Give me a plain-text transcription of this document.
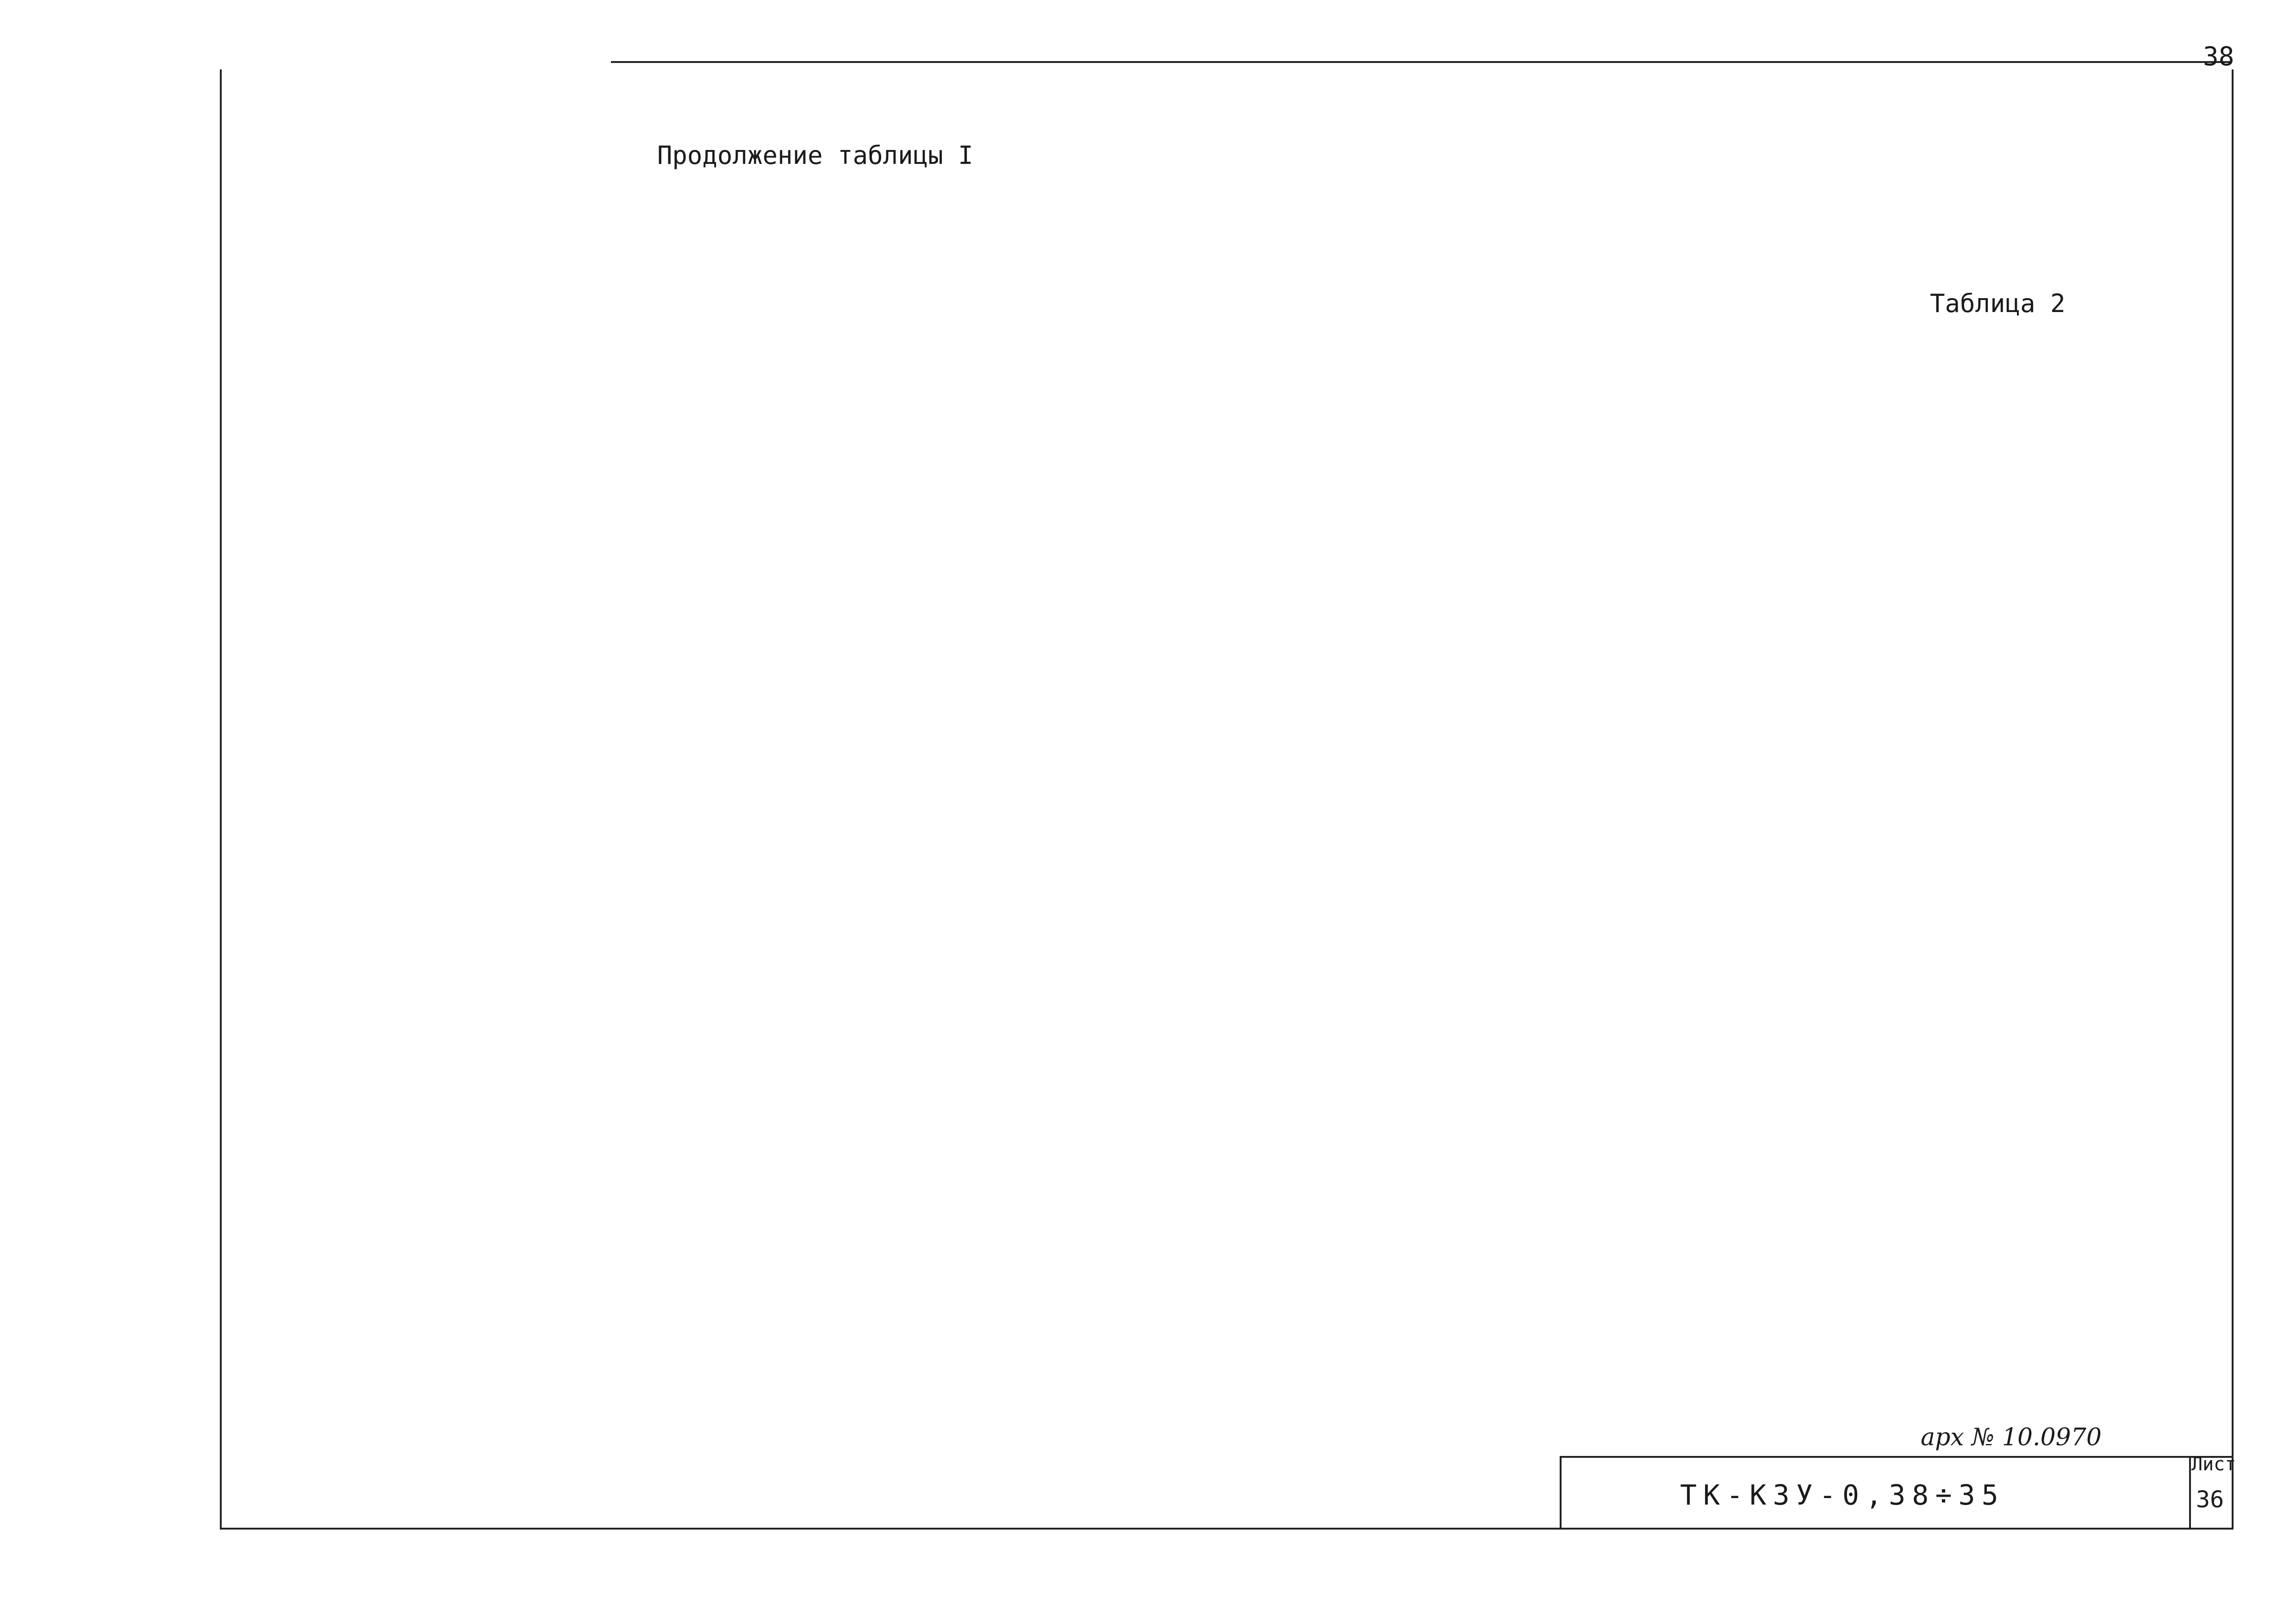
38
Продолжение таблицы I
Таблица 2
арх № 10.0970
ТК-КЗУ-0,38÷35
Лист
36
